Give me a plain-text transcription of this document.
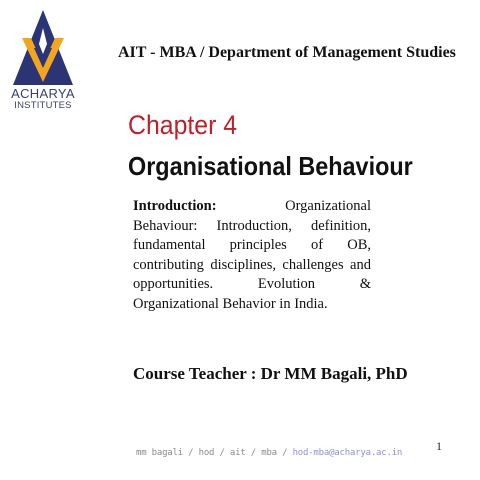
ACHARYA
INSTITUTES
AIT - MBA / Department of Management Studies
Chapter 4
Organisational Behaviour
Introduction:	Organizational Behaviour: Introduction, definition, fundamental principles of OB, contributing disciplines, challenges and opportunities. Evolution & Organizational Behavior in India.
Course Teacher : Dr MM Bagali, PhD
1
mm bagali / hod / ait / mba / hod-mba@acharya.ac.in
